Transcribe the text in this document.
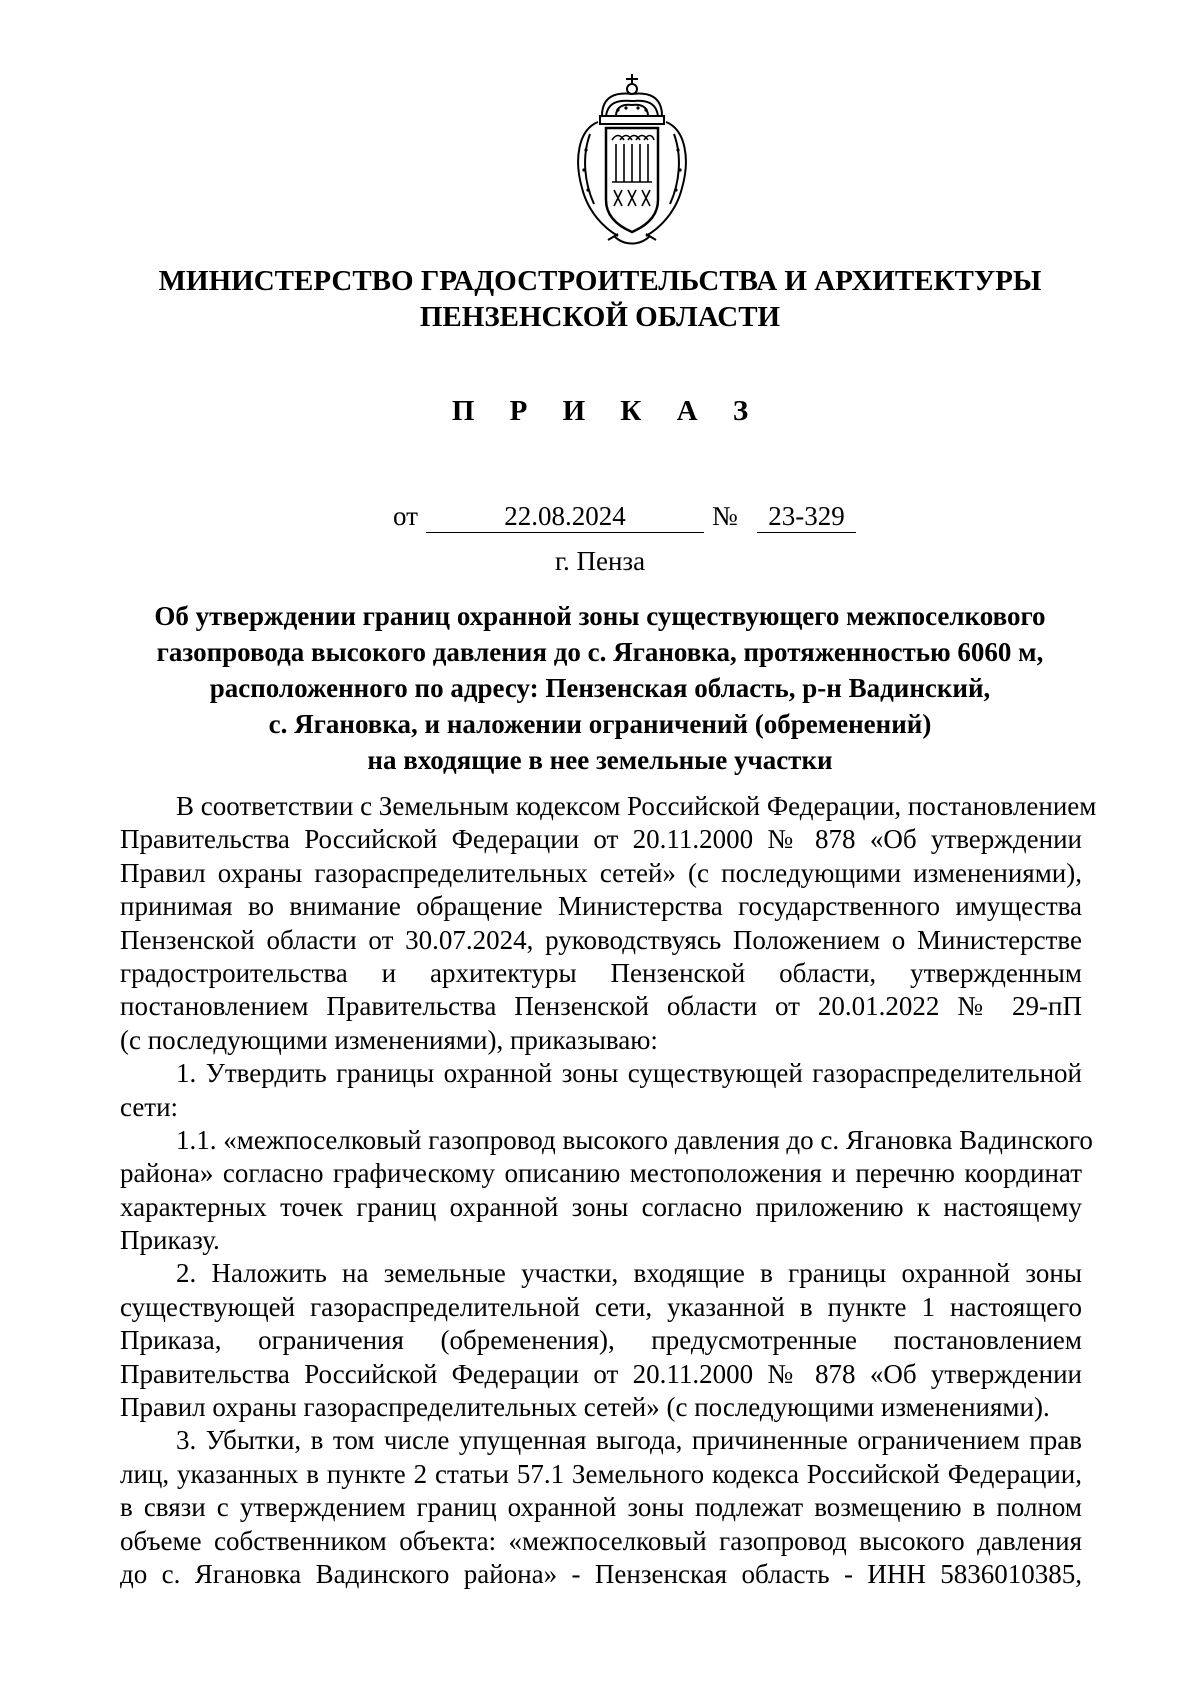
МИНИСТЕРСТВО ГРАДОСТРОИТЕЛЬСТВА И АРХИТЕКТУРЫ
ПЕНЗЕНСКОЙ ОБЛАСТИ
П Р И К А З
от	22.08.2024	№	23-329
г. Пенза
Об утверждении границ охранной зоны существующего межпоселкового
газопровода высокого давления до с. Ягановка, протяженностью 6060 м,
расположенного по адресу: Пензенская область, р-н Вадинский,
с. Ягановка, и наложении ограничений (обременений)
на входящие в нее земельные участки
В соответствии с Земельным кодексом Российской Федерации, постановлением
Правительства Российской Федерации от 20.11.2000 № 878 «Об утверждении
Правил охраны газораспределительных сетей» (с последующими изменениями),
принимая во внимание обращение Министерства государственного имущества
Пензенской области от 30.07.2024, руководствуясь Положением о Министерстве
градостроительства и архитектуры Пензенской области, утвержденным
постановлением Правительства Пензенской области от 20.01.2022 № 29-пП
(с последующими изменениями), приказываю:
1. Утвердить границы охранной зоны существующей газораспределительной
сети:
1.1. «межпоселковый газопровод высокого давления до с. Ягановка Вадинского
района» согласно графическому описанию местоположения и перечню координат
характерных точек границ охранной зоны согласно приложению к настоящему
Приказу.
2. Наложить на земельные участки, входящие в границы охранной зоны
существующей газораспределительной сети, указанной в пункте 1 настоящего
Приказа, ограничения (обременения), предусмотренные постановлением
Правительства Российской Федерации от 20.11.2000 № 878 «Об утверждении
Правил охраны газораспределительных сетей» (с последующими изменениями).
3. Убытки, в том числе упущенная выгода, причиненные ограничением прав
лиц, указанных в пункте 2 статьи 57.1 Земельного кодекса Российской Федерации,
в связи с утверждением границ охранной зоны подлежат возмещению в полном
объеме собственником объекта: «межпоселковый газопровод высокого давления
до с. Ягановка Вадинского района» - Пензенская область - ИНН 5836010385,
